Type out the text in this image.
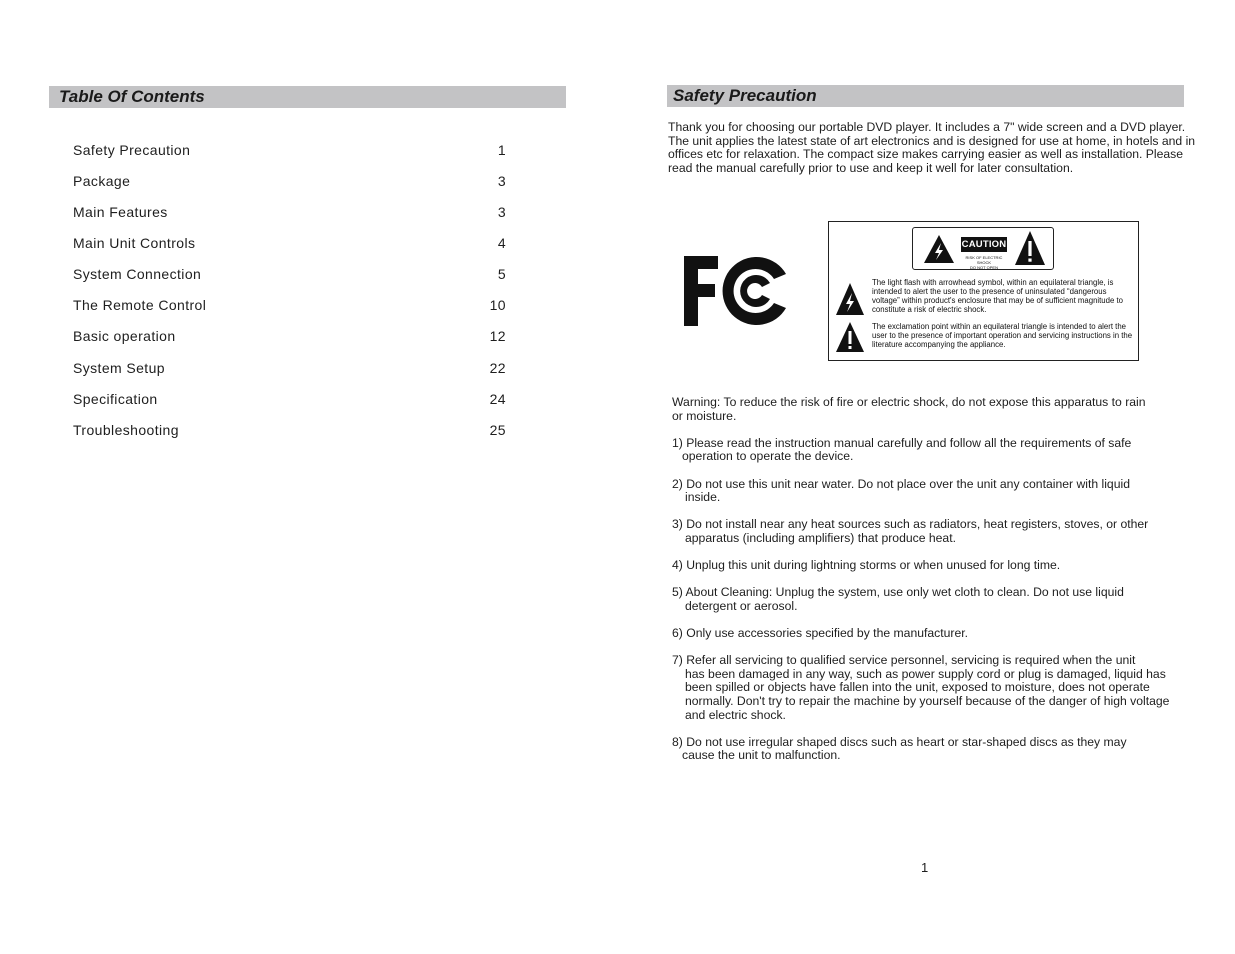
Table Of Contents
Safety Precaution	1
Package	3
Main Features	3
Main Unit Controls	4
System Connection	5
The Remote Control	10
Basic operation	12
System Setup	22
Specification	24
Troubleshooting	25
Safety Precaution
Thank you for choosing our portable DVD player. It includes a 7" wide screen and a DVD player. The unit applies the latest state of art electronics and is designed for use at home, in hotels and in offices etc for relaxation. The compact size makes carrying easier as well as installation. Please read the manual carefully prior to use and keep it well for later consultation.
CAUTION
RISK OF ELECTRIC SHOCK
DO NOT OPEN
The light flash with arrowhead symbol, within an equilateral triangle, is intended to alert the user to the presence of uninsulated “dangerous voltage” within product's enclosure that may be of sufficient magnitude to constitute a risk of electric shock.
The exclamation point within an equilateral triangle is intended to alert the user to the presence of important operation and servicing instructions in the literature accompanying the appliance.

Warning: To reduce the risk of fire or electric shock, do not expose this apparatus to rain
or moisture.

1) Please read the instruction manual carefully and follow all the requirements of safe
operation to operate the device.

2) Do not use this unit near water. Do not place over the unit any container with liquid
inside.

3) Do not install near any heat sources such as radiators, heat registers, stoves, or other
apparatus (including amplifiers) that produce heat.

4) Unplug this unit during lightning storms or when unused for long time.

5) About Cleaning: Unplug the system, use only wet cloth to clean. Do not use liquid
detergent or aerosol.

6) Only use accessories specified by the manufacturer.

7) Refer all servicing to qualified service personnel, servicing is required when the unit
has been damaged in any way, such as power supply cord or plug is damaged, liquid has been spilled or objects have fallen into the unit, exposed to moisture, does not operate normally. Don't try to repair the machine by yourself because of the danger of high voltage and electric shock.

8) Do not use irregular shaped discs such as heart or star-shaped discs as they may
cause the unit to malfunction.

1
